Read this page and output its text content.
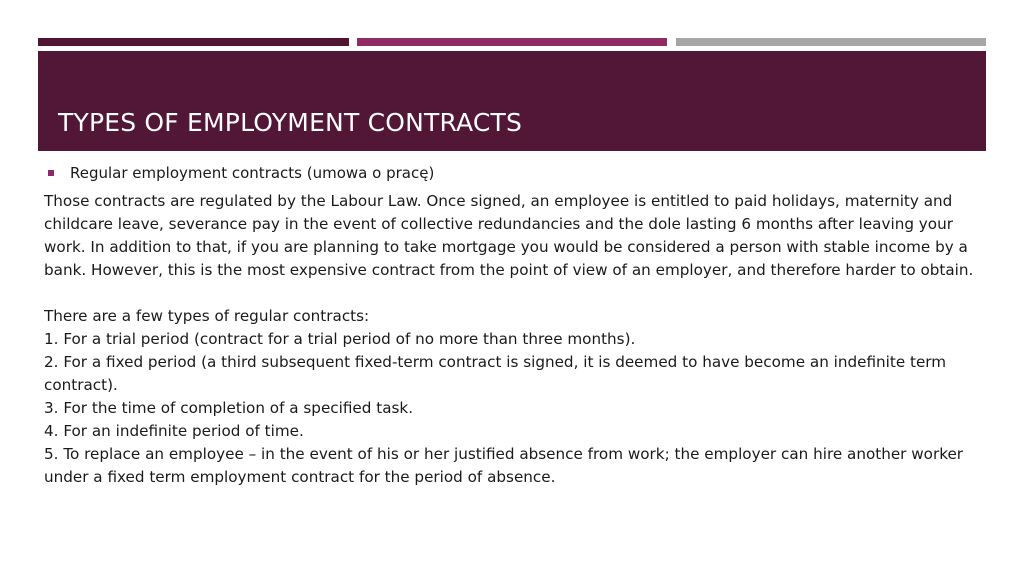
TYPES OF EMPLOYMENT CONTRACTS
Regular employment contracts (umowa o pracę)

Those contracts are regulated by the Labour Law. Once signed, an employee is entitled to paid holidays, maternity and childcare leave, severance pay in the event of collective redundancies and the dole lasting 6 months after leaving your work. In addition to that, if you are planning to take mortgage you would be considered a person with stable income by a bank. However, this is the most expensive contract from the point of view of an employer, and therefore harder to obtain.

There are a few types of regular contracts:

1. For a trial period (contract for a trial period of no more than three months).

2. For a fixed period (a third subsequent fixed-term contract is signed, it is deemed to have become an indefinite term contract).

3. For the time of completion of a specified task.

4. For an indefinite period of time.

5. To replace an employee – in the event of his or her justified absence from work; the employer can hire another worker under a fixed term employment contract for the period of absence.
